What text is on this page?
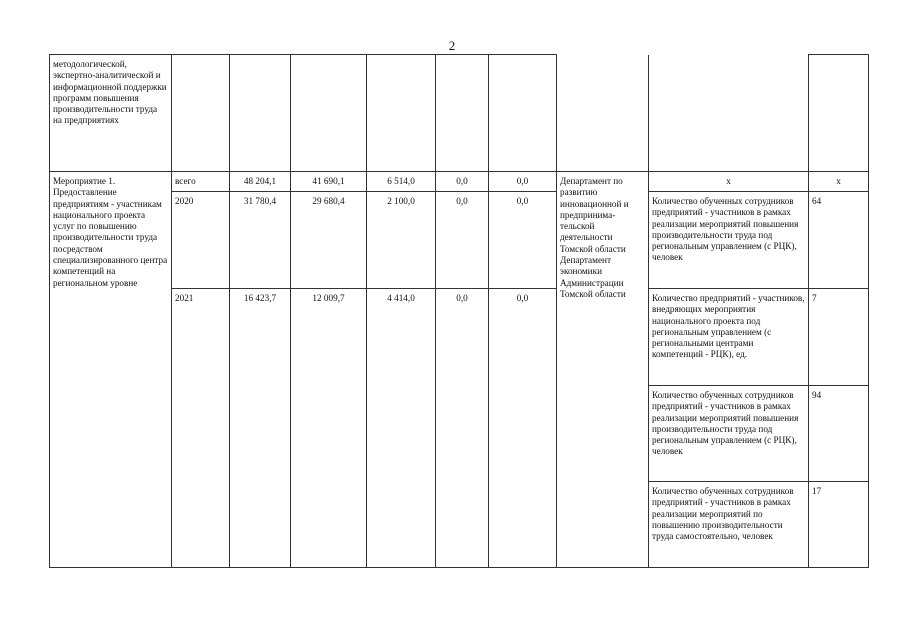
2
методологической, экспертно-аналитической и информационной поддержки программ повышения производительности труда на предприятиях									
Мероприятие 1. Предоставление предприятиям - участникам национального проекта услуг по повышению производительности труда посредством специализированного центра компетенций на региональном уровне	всего	48 204,1	41 690,1	6 514,0	0,0	0,0	Департамент по развитию инновационной и предпринима-тельской деятельности Томской области Департамент экономики Администрации Томской области	х	х
	2020	31 780,4	29 680,4	2 100,0	0,0	0,0		Количество обученных сотрудников предприятий - участников в рамках реализации мероприятий повышения производительности труда под региональным управлением (с РЦК), человек	64
	2021	16 423,7	12 009,7	4 414,0	0,0	0,0		Количество предприятий - участников, внедряющих мероприятия национального проекта под региональным управлением (с региональными центрами компетенций - РЦК), ед.	7
								Количество обученных сотрудников предприятий - участников в рамках реализации мероприятий повышения производительности труда под региональным управлением (с РЦК), человек	94
								Количество обученных сотрудников предприятий - участников в рамках реализации мероприятий по повышению производительности труда самостоятельно, человек	17
